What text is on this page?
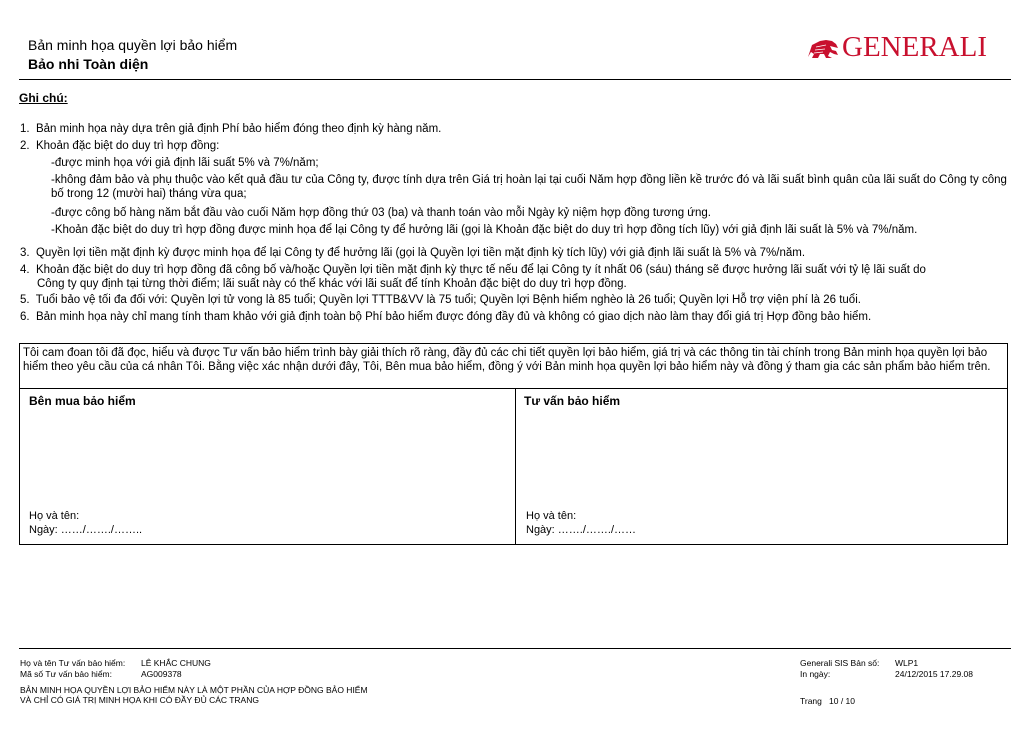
Bản minh họa quyền lợi bảo hiểm
Bảo nhi Toàn diện
GENERALI
Ghi chú:
1. Bản minh họa này dựa trên giả định Phí bảo hiểm đóng theo định kỳ hàng năm.
2. Khoản đặc biệt do duy trì hợp đồng:
-được minh họa với giả định lãi suất 5% và 7%/năm;
-không đảm bảo và phụ thuộc vào kết quả đầu tư của Công ty, được tính dựa trên Giá trị hoàn lại tại cuối Năm hợp đồng liền kề trước đó và lãi suất bình quân của lãi suất do Công ty công bố trong 12 (mười hai) tháng vừa qua;
-được công bố hàng năm bắt đầu vào cuối Năm hợp đồng thứ 03 (ba) và thanh toán vào mỗi Ngày kỷ niệm hợp đồng tương ứng.
-Khoản đặc biệt do duy trì hợp đồng được minh họa để lại Công ty để hưởng lãi (gọi là Khoản đặc biệt do duy trì hợp đồng tích lũy) với giả định lãi suất là 5% và 7%/năm.
3. Quyền lợi tiền mặt định kỳ được minh họa để lại Công ty để hưởng lãi (gọi là Quyền lợi tiền mặt định kỳ tích lũy) với giả định lãi suất là 5% và 7%/năm.
4. Khoản đặc biệt do duy trì hợp đồng đã công bố và/hoặc Quyền lợi tiền mặt định kỳ thực tế nếu để lại Công ty ít nhất 06 (sáu) tháng sẽ được hưởng lãi suất với tỷ lệ lãi suất do
Công ty quy định tại từng thời điểm; lãi suất này có thể khác với lãi suất để tính Khoản đặc biệt do duy trì hợp đồng.
5. Tuổi bảo vệ tối đa đối với: Quyền lợi tử vong là 85 tuổi; Quyền lợi TTTB&VV là 75 tuổi; Quyền lợi Bệnh hiểm nghèo là 26 tuổi; Quyền lợi Hỗ trợ viện phí là 26 tuổi.
6. Bản minh họa này chỉ mang tính tham khảo với giả định toàn bộ Phí bảo hiểm được đóng đầy đủ và không có giao dịch nào làm thay đổi giá trị Hợp đồng bảo hiểm.
Tôi cam đoan tôi đã đọc, hiểu và được Tư vấn bảo hiểm trình bày giải thích rõ ràng, đầy đủ các chi tiết quyền lợi bảo hiểm, giá trị và các thông tin tài chính trong Bản minh họa quyền lợi bảo hiểm theo yêu cầu của cá nhân Tôi. Bằng việc xác nhận dưới đây, Tôi, Bên mua bảo hiểm, đồng ý với Bản minh họa quyền lợi bảo hiểm này và đồng ý tham gia các sản phẩm bảo hiểm trên.
Bên mua bảo hiểm
Họ và tên:
Ngày: ……/……./……..
Tư vấn bảo hiểm
Họ và tên:
Ngày: ……./……./……
Họ và tên Tư vấn bảo hiểm: LÊ KHẮC CHUNG
Mã số Tư vấn bảo hiểm:	AG009378
BẢN MINH HỌA QUYỀN LỢI BẢO HIỂM NÀY LÀ MỘT PHẦN CỦA HỢP ĐỒNG BẢO HIỂM
VÀ CHỈ CÓ GIÁ TRỊ MINH HỌA KHI CÓ ĐẦY ĐỦ CÁC TRANG
Generali SIS Bản số: WLP1
In ngày:	24/12/2015 17.29.08
Trang 10 / 10
